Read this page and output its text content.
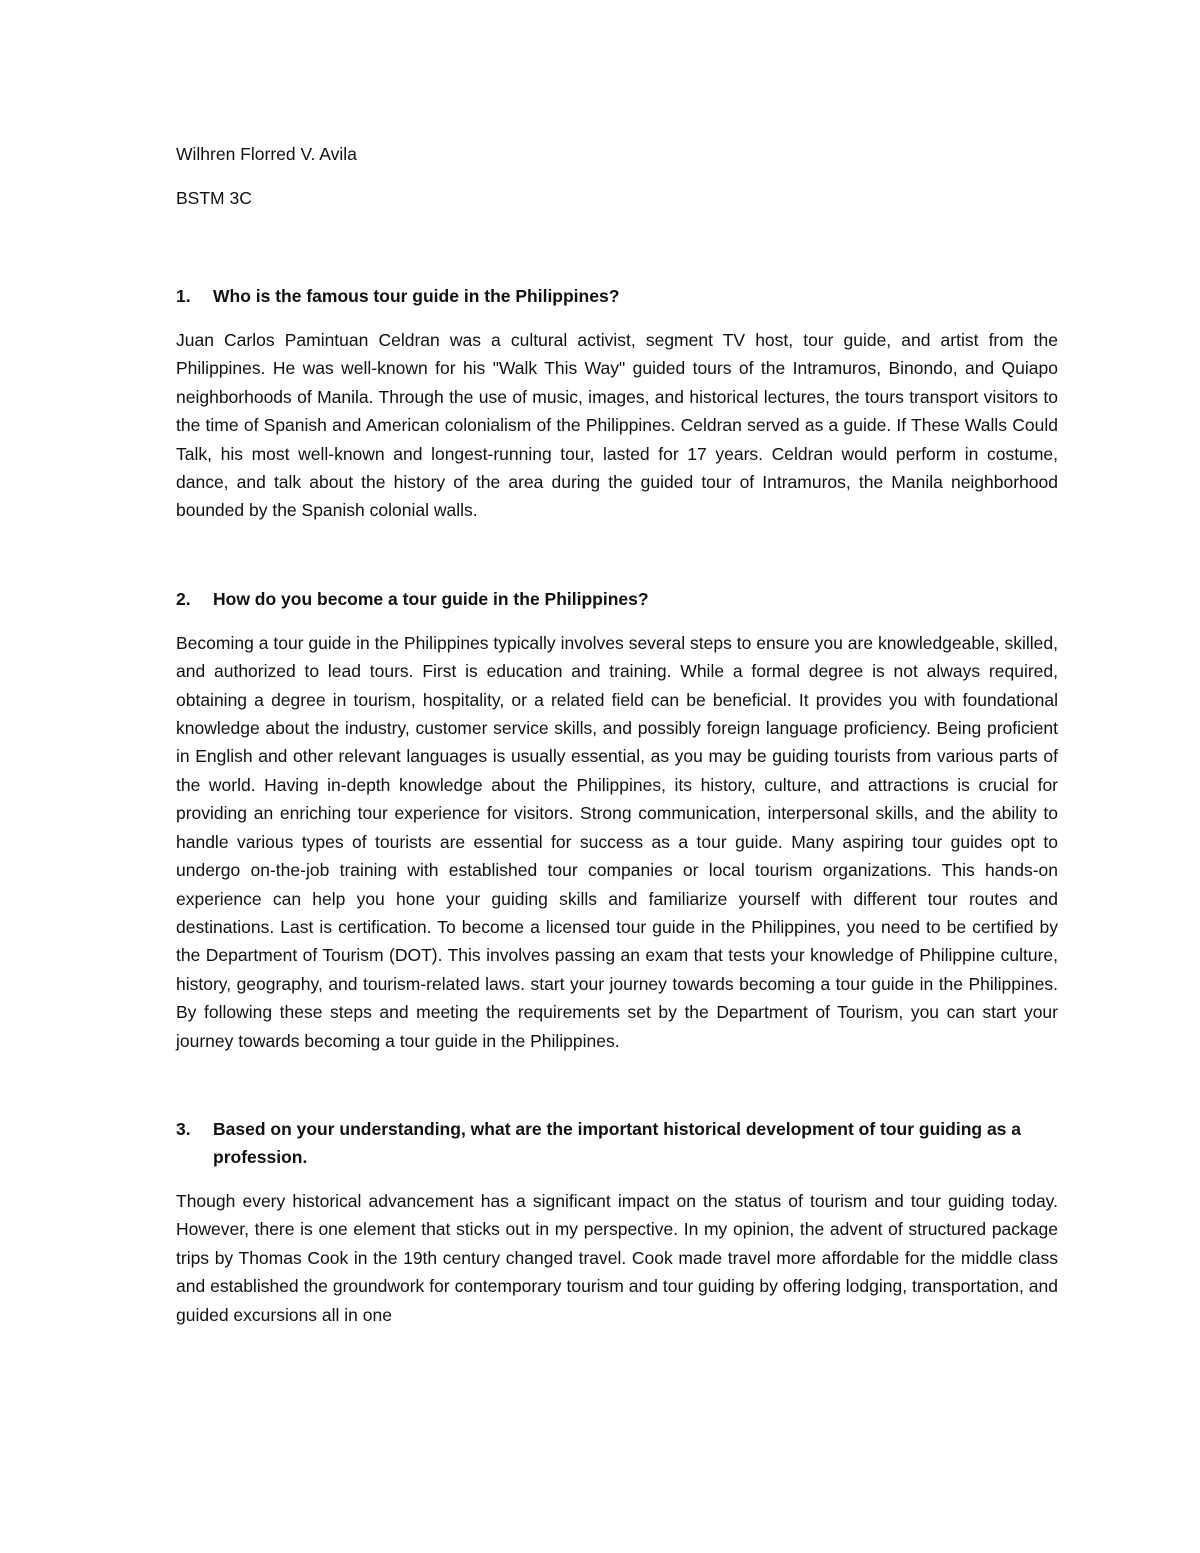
Wilhren Florred V. Avila

BSTM 3C

1.	Who is the famous tour guide in the Philippines?

Juan Carlos Pamintuan Celdran was a cultural activist, segment TV host, tour guide, and artist from the Philippines. He was well-known for his "Walk This Way" guided tours of the Intramuros, Binondo, and Quiapo neighborhoods of Manila. Through the use of music, images, and historical lectures, the tours transport visitors to the time of Spanish and American colonialism of the Philippines. Celdran served as a guide. If These Walls Could Talk, his most well-known and longest-running tour, lasted for 17 years. Celdran would perform in costume, dance, and talk about the history of the area during the guided tour of Intramuros, the Manila neighborhood bounded by the Spanish colonial walls.

2.	How do you become a tour guide in the Philippines?

Becoming a tour guide in the Philippines typically involves several steps to ensure you are knowledgeable, skilled, and authorized to lead tours. First is education and training. While a formal degree is not always required, obtaining a degree in tourism, hospitality, or a related field can be beneficial. It provides you with foundational knowledge about the industry, customer service skills, and possibly foreign language proficiency. Being proficient in English and other relevant languages is usually essential, as you may be guiding tourists from various parts of the world. Having in-depth knowledge about the Philippines, its history, culture, and attractions is crucial for providing an enriching tour experience for visitors. Strong communication, interpersonal skills, and the ability to handle various types of tourists are essential for success as a tour guide. Many aspiring tour guides opt to undergo on-the-job training with established tour companies or local tourism organizations. This hands-on experience can help you hone your guiding skills and familiarize yourself with different tour routes and destinations. Last is certification. To become a licensed tour guide in the Philippines, you need to be certified by the Department of Tourism (DOT). This involves passing an exam that tests your knowledge of Philippine culture, history, geography, and tourism-related laws. start your journey towards becoming a tour guide in the Philippines. By following these steps and meeting the requirements set by the Department of Tourism, you can start your journey towards becoming a tour guide in the Philippines.

3.	Based on your understanding, what are the important historical development of tour guiding as a profession.

Though every historical advancement has a significant impact on the status of tourism and tour guiding today. However, there is one element that sticks out in my perspective. In my opinion, the advent of structured package trips by Thomas Cook in the 19th century changed travel. Cook made travel more affordable for the middle class and established the groundwork for contemporary tourism and tour guiding by offering lodging, transportation, and guided excursions all in one
